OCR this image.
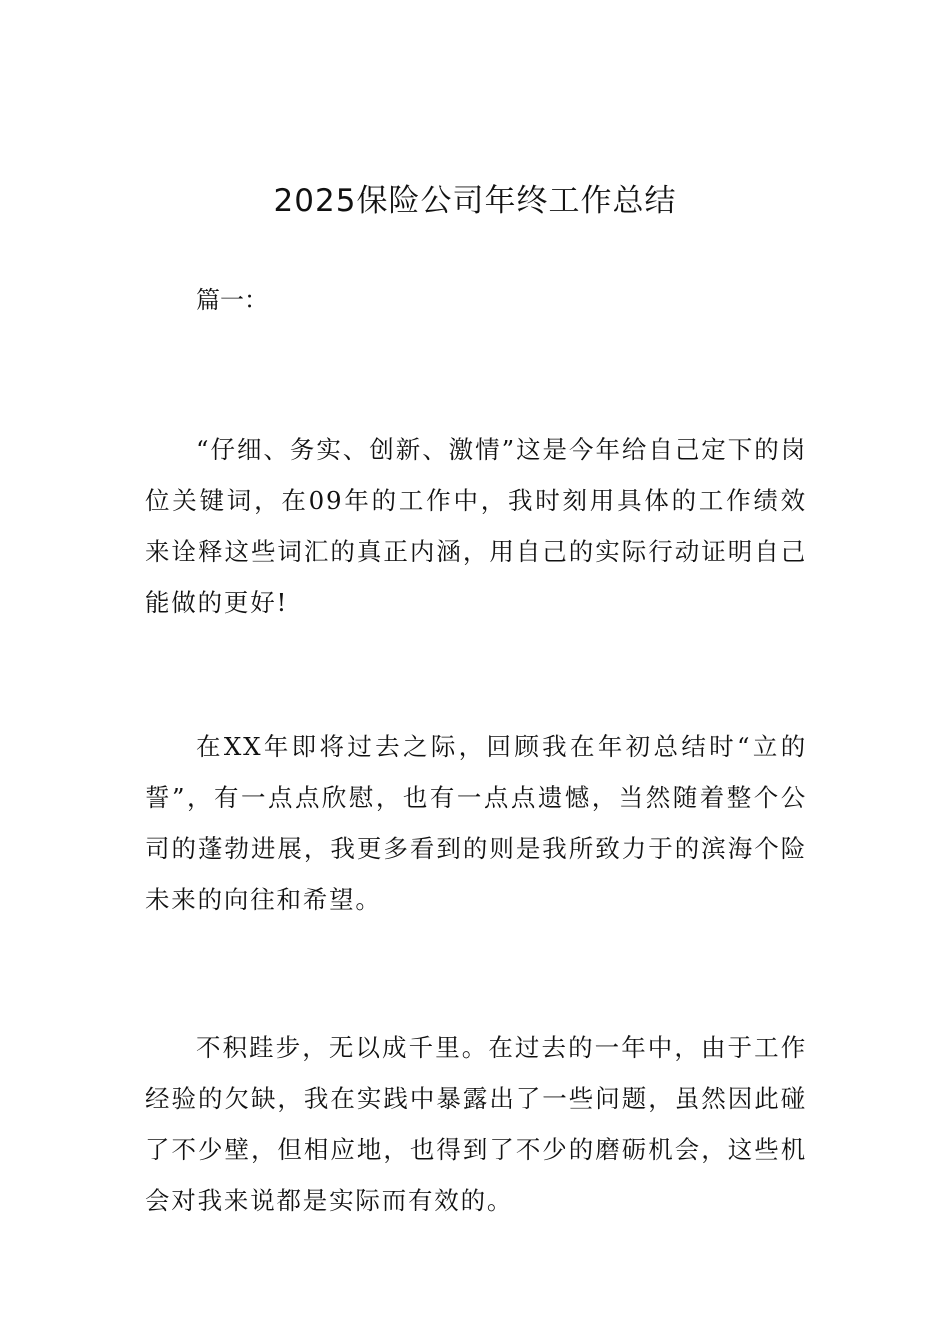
2025保险公司年终工作总结

篇一：

“仔细、务实、创新、激情”这是今年给自己定下的岗位关键词，在09年的工作中，我时刻用具体的工作绩效来诠释这些词汇的真正内涵，用自己的实际行动证明自己能做的更好!

在XX年即将过去之际，回顾我在年初总结时“立的誓”，有一点点欣慰，也有一点点遗憾，当然随着整个公司的蓬勃进展，我更多看到的则是我所致力于的滨海个险未来的向往和希望。

不积跬步，无以成千里。在过去的一年中，由于工作经验的欠缺，我在实践中暴露出了一些问题，虽然因此碰了不少壁，但相应地，也得到了不少的磨砺机会，这些机会对我来说都是实际而有效的。
